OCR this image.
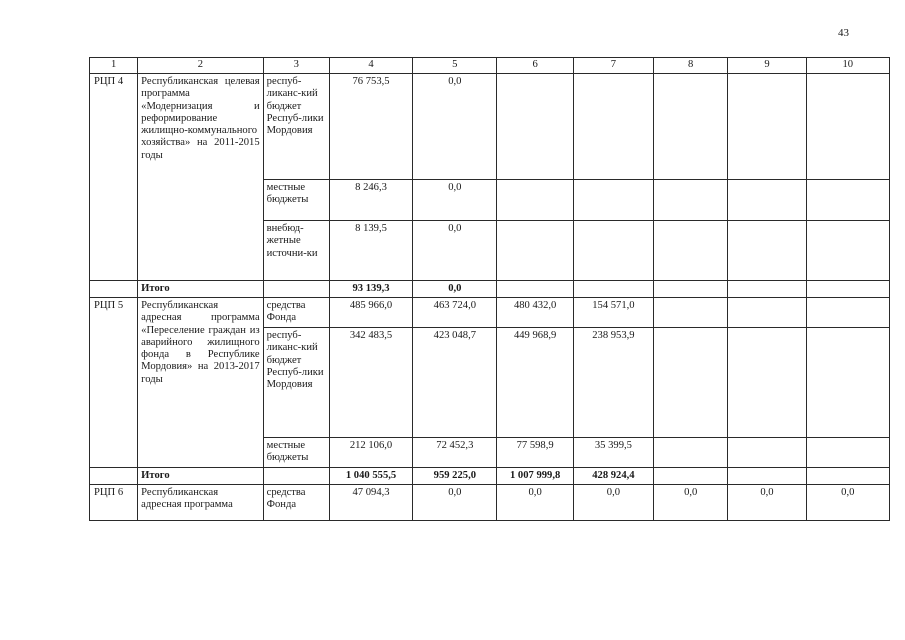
43
1	2	3	4	5	6	7	8	9	10
РЦП 4	Республиканская целевая программа «Модернизация и реформирование жилищно-коммунального хозяйства» на 2011-2015 годы	респуб-ликанс-кий бюджет Респуб-лики Мордовия	76 753,5	0,0					
		местные бюджеты	8 246,3	0,0					
		внебюд-жетные источни-ки	8 139,5	0,0					
	Итого		93 139,3	0,0					
РЦП 5	Республиканская адресная программа «Переселение граждан из аварийного жилищного фонда в Республике Мордовия» на 2013-2017 годы	средства Фонда	485 966,0	463 724,0	480 432,0	154 571,0			
		респуб-ликанс-кий бюджет Респуб-лики Мордовия	342 483,5	423 048,7	449 968,9	238 953,9			
		местные бюджеты	212 106,0	72 452,3	77 598,9	35 399,5			
	Итого		1 040 555,5	959 225,0	1 007 999,8	428 924,4			
РЦП 6	Республиканская адресная программа	средства Фонда	47 094,3	0,0	0,0	0,0	0,0	0,0	0,0
